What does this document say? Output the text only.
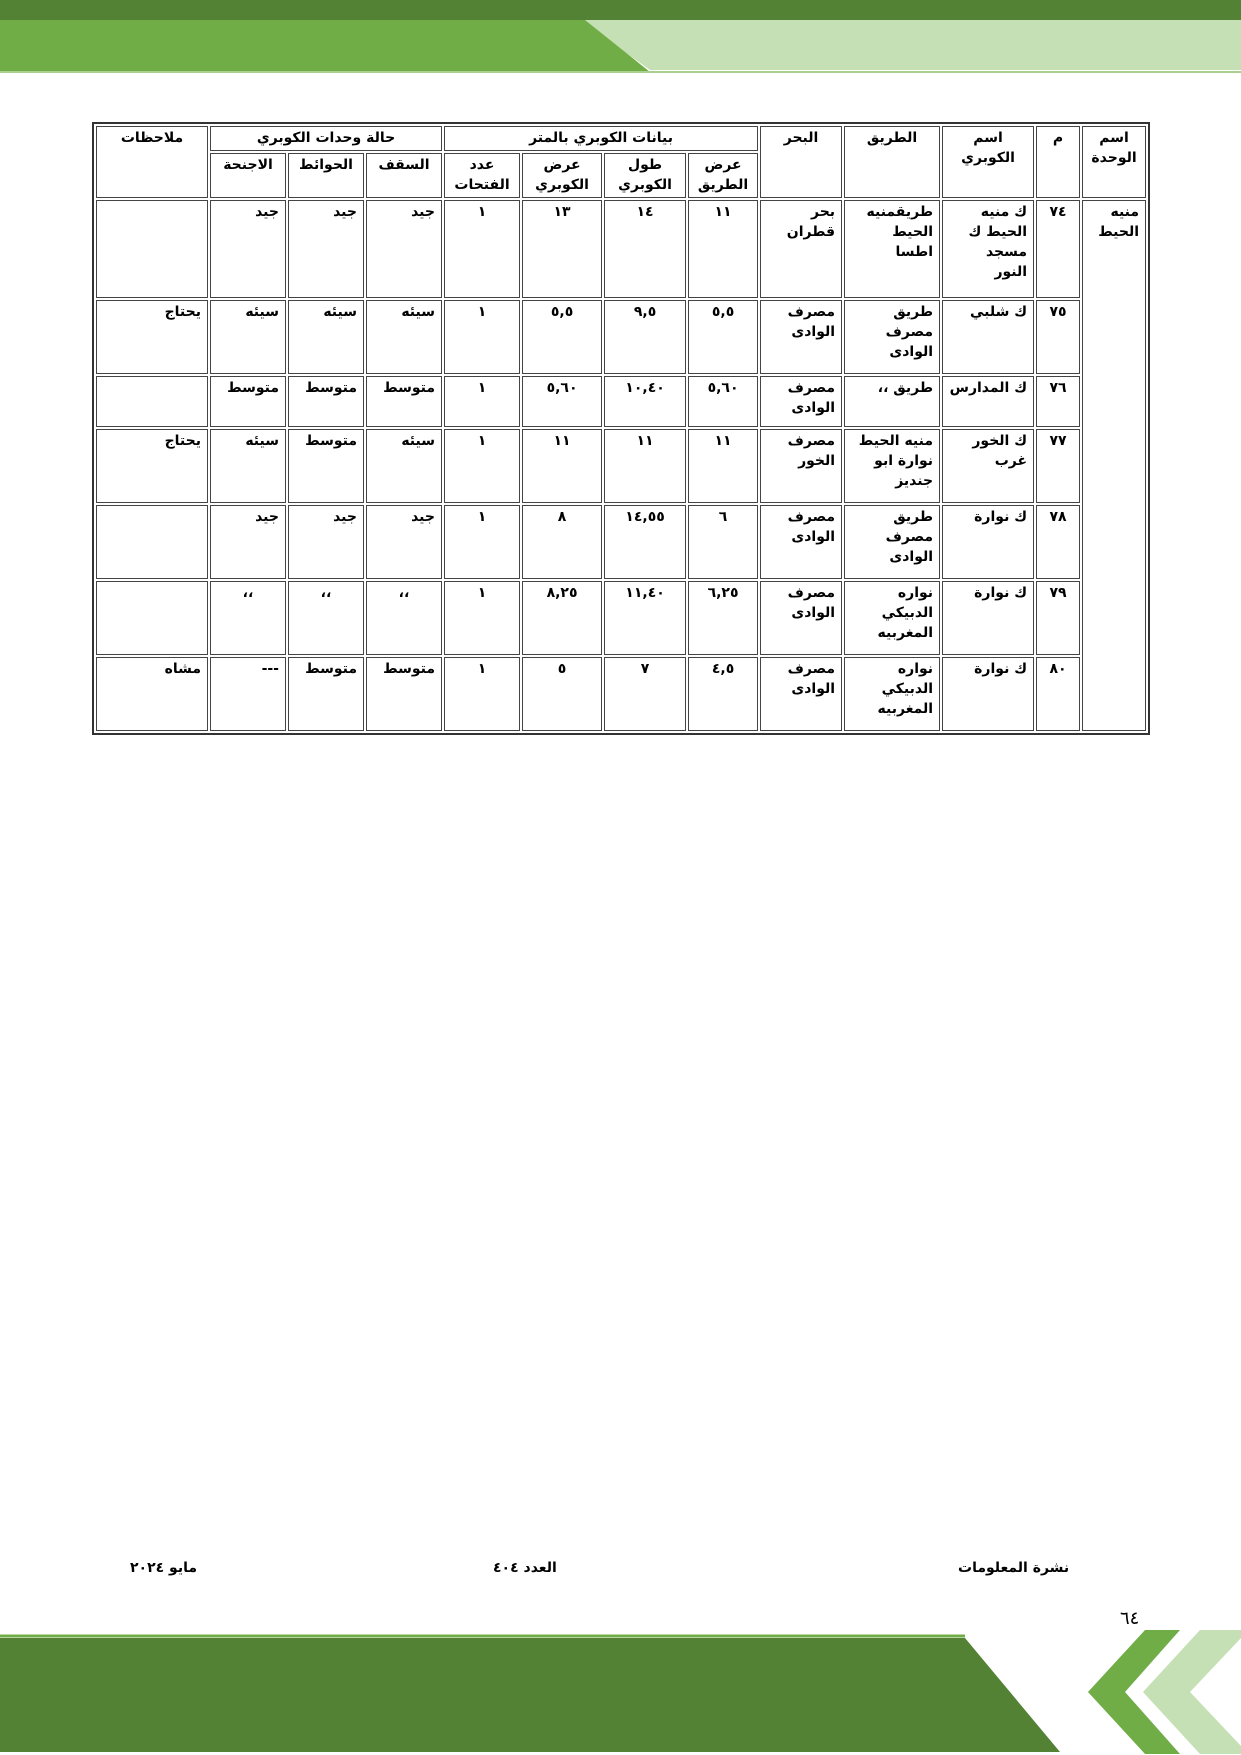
اسم الوحدة	م	اسم الكوبري	الطريق	البحر	بيانات الكوبري بالمتر				حالة وحدات الكوبري			ملاحظات
					عرض الطريق	طول الكوبري	عرض الكوبري	عدد الفتحات	السقف	الحوائط	الاجنحة	
منيه الحيط	٧٤	ك منيه الحيط ك مسجد النور	طريقمنيه الحيط اطسا	بحر قطران	١١	١٤	١٣	١	جيد	جيد	جيد	
	٧٥	ك شلبي	طريق مصرف الوادى	مصرف الوادى	٥,٥	٩,٥	٥,٥	١	سيئه	سيئه	سيئه	يحتاج
	٧٦	ك المدارس	طريق ،،	مصرف الوادى	٥,٦٠	١٠,٤٠	٥,٦٠	١	متوسط	متوسط	متوسط	
	٧٧	ك الخور غرب	منيه الحيط نوارة ابو جنديز	مصرف الخور	١١	١١	١١	١	سيئه	متوسط	سيئه	يحتاج
	٧٨	ك نوارة	طريق مصرف الوادى	مصرف الوادى	٦	١٤,٥٥	٨	١	جيد	جيد	جيد	
	٧٩	ك نوارة	نواره الدبيكي المغربيه	مصرف الوادى	٦,٢٥	١١,٤٠	٨,٢٥	١	،،	،،	،،	
	٨٠	ك نوارة	نواره الدبيكي المغربيه	مصرف الوادى	٤,٥	٧	٥	١	متوسط	متوسط	---	مشاه
نشرة المعلومات
العدد ٤٠٤
مايو ٢٠٢٤
٦٤
